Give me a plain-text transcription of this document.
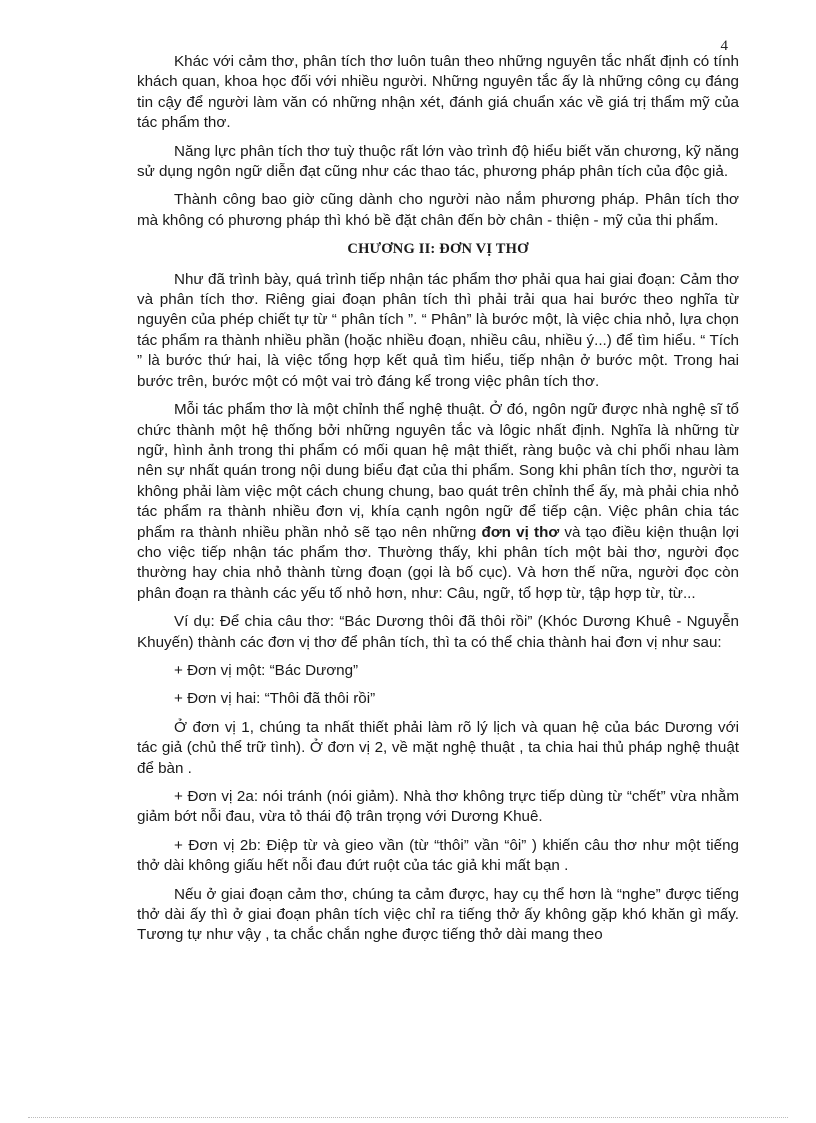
4

Khác với cảm thơ, phân tích thơ luôn tuân theo những nguyên tắc nhất định có tính khách quan, khoa học đối với nhiều người. Những nguyên tắc ấy là những công cụ đáng tin cậy để người làm văn có những nhận xét, đánh giá chuẩn xác về giá trị thẩm mỹ của tác phẩm thơ.

Năng lực phân tích thơ tuỳ thuộc rất lớn vào trình độ hiểu biết văn chương, kỹ năng sử dụng ngôn ngữ diễn đạt cũng như các thao tác, phương pháp phân tích của độc giả.

Thành công bao giờ cũng dành cho người nào nắm phương pháp. Phân tích thơ mà không có phương pháp thì khó bề đặt chân đến bờ chân - thiện - mỹ của thi phẩm.

CHƯƠNG II: ĐƠN VỊ THƠ

Như đã trình bày, quá trình tiếp nhận tác phẩm thơ phải qua hai giai đoạn: Cảm thơ và phân tích thơ. Riêng giai đoạn phân tích thì phải trải qua hai bước theo nghĩa từ nguyên của phép chiết tự từ “ phân tích ”. “ Phân” là bước một, là việc chia nhỏ, lựa chọn tác phẩm ra thành nhiều phần (hoặc nhiều đoạn, nhiều câu, nhiều ý...) để tìm hiểu. “ Tích ” là bước thứ hai, là việc tổng hợp kết quả tìm hiểu, tiếp nhận ở bước một. Trong hai bước trên, bước một có một vai trò đáng kể trong việc phân tích thơ.

Mỗi tác phẩm thơ là một chỉnh thể nghệ thuật. Ở đó, ngôn ngữ được nhà nghệ sĩ tổ chức thành một hệ thống bởi những nguyên tắc và lôgic nhất định. Nghĩa là những từ ngữ, hình ảnh trong thi phẩm có mối quan hệ mật thiết, ràng buộc và chi phối nhau làm nên sự nhất quán trong nội dung biểu đạt của thi phẩm. Song khi phân tích thơ, người ta không phải làm việc một cách chung chung, bao quát trên chỉnh thể ấy, mà phải chia nhỏ tác phẩm ra thành nhiều đơn vị, khía cạnh ngôn ngữ để tiếp cận. Việc phân chia tác phẩm ra thành nhiều phần nhỏ sẽ tạo nên những đơn vị thơ và tạo điều kiện thuận lợi cho việc tiếp nhận tác phẩm thơ. Thường thấy, khi phân tích một bài thơ, người đọc thường hay chia nhỏ thành từng đoạn (gọi là bố cục). Và hơn thế nữa, người đọc còn phân đoạn ra thành các yếu tố nhỏ hơn, như: Câu, ngữ, tổ hợp từ, tập hợp từ, từ...

Ví dụ: Để chia câu thơ: “Bác Dương thôi đã thôi rồi” (Khóc Dương Khuê - Nguyễn Khuyến) thành các đơn vị thơ để phân tích, thì ta có thể chia thành hai đơn vị như sau:

+ Đơn vị một: “Bác Dương”

+ Đơn vị hai: “Thôi đã thôi rồi”

Ở đơn vị 1, chúng ta nhất thiết phải làm rõ lý lịch và quan hệ của bác Dương với tác giả (chủ thể trữ tình). Ở đơn vị 2, về mặt nghệ thuật , ta chia hai thủ pháp nghệ thuật để bàn .

+ Đơn vị 2a: nói tránh (nói giảm). Nhà thơ không trực tiếp dùng từ “chết” vừa nhằm giảm bớt nỗi đau, vừa tỏ thái độ trân trọng với Dương Khuê.

+ Đơn vị 2b: Điệp từ và gieo vần (từ “thôi” vần “ôi” ) khiến câu thơ như một tiếng thở dài không giấu hết nỗi đau đứt ruột của tác giả khi mất bạn .

Nếu ở giai đoạn cảm thơ, chúng ta cảm được, hay cụ thể hơn là “nghe” được tiếng thở dài ấy thì ở giai đoạn phân tích việc chỉ ra tiếng thở ấy không gặp khó khăn gì mấy. Tương tự như vậy , ta chắc chắn nghe được tiếng thở dài mang theo
